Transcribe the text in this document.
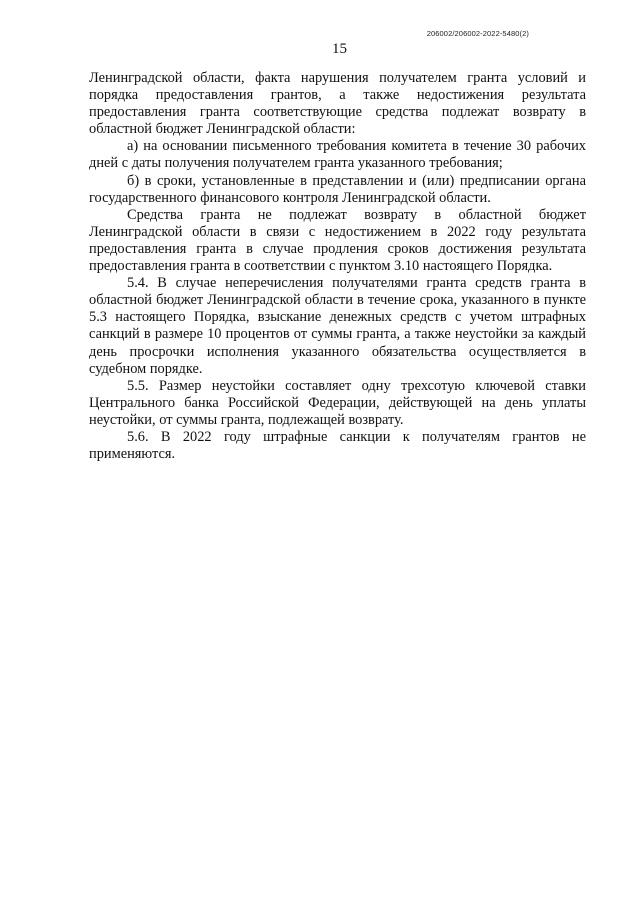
206002/206002-2022-5480(2)
15

Ленинградской области, факта нарушения получателем гранта условий и порядка предоставления грантов, а также недостижения результата предоставления гранта соответствующие средства подлежат возврату в областной бюджет Ленинградской области:

а) на основании письменного требования комитета в течение 30 рабочих дней с даты получения получателем гранта указанного требования;

б) в сроки, установленные в представлении и (или) предписании органа государственного финансового контроля Ленинградской области.

Средства гранта не подлежат возврату в областной бюджет Ленинградской области в связи с недостижением в 2022 году результата предоставления гранта в случае продления сроков достижения результата предоставления гранта в соответствии с пунктом 3.10 настоящего Порядка.

5.4. В случае неперечисления получателями гранта средств гранта в областной бюджет Ленинградской области в течение срока, указанного в пункте 5.3 настоящего Порядка, взыскание денежных средств с учетом штрафных санкций в размере 10 процентов от суммы гранта, а также неустойки за каждый день просрочки исполнения указанного обязательства осуществляется в судебном порядке.

5.5. Размер неустойки составляет одну трехсотую ключевой ставки Центрального банка Российской Федерации, действующей на день уплаты неустойки, от суммы гранта, подлежащей возврату.

5.6. В 2022 году штрафные санкции к получателям грантов не применяются.
